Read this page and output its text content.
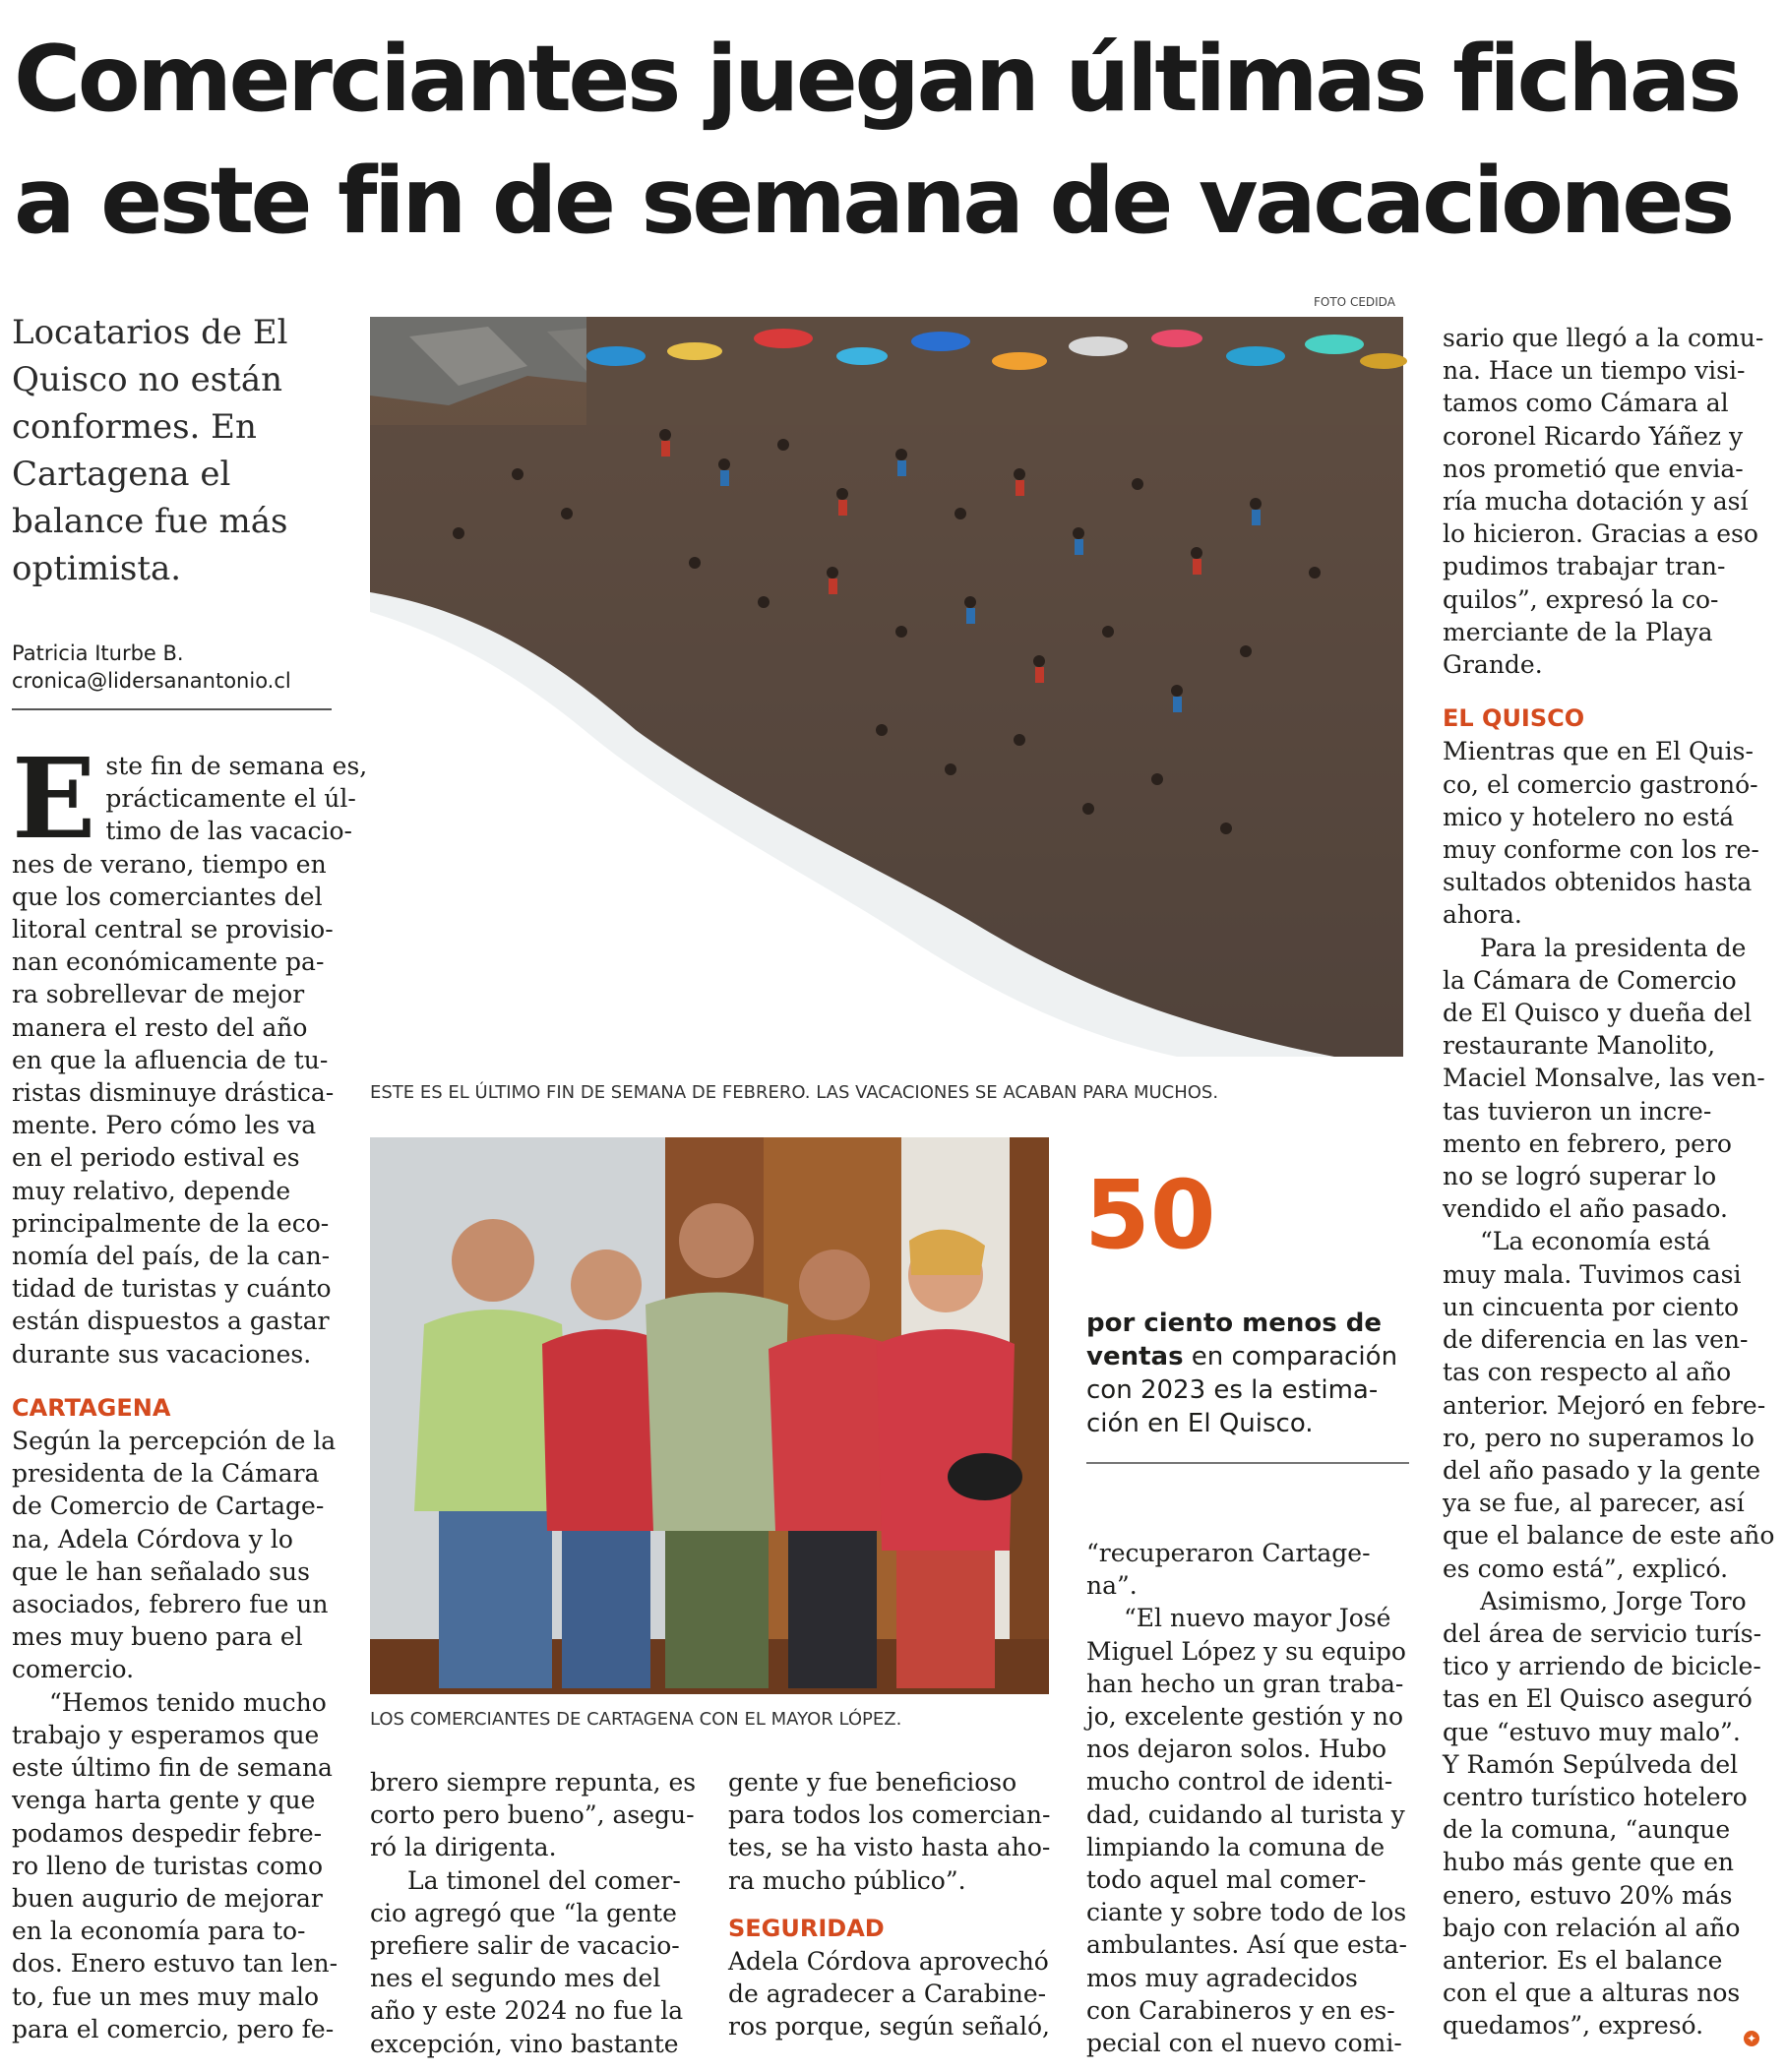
Comerciantes juegan últimas fichas
a este fin de semana de vacaciones
Locatarios de El
Quisco no están
conformes. En
Cartagena el
balance fue más
optimista.
Patricia Iturbe B.
cronica@lidersanantonio.cl
E ste fin de semana es,
prácticamente el úl-
timo de las vacacio-
nes de verano, tiempo en
que los comerciantes del
litoral central se provisio-
nan económicamente pa-
ra sobrellevar de mejor
manera el resto del año
en que la afluencia de tu-
ristas disminuye drástica-
mente. Pero cómo les va
en el periodo estival es
muy relativo, depende
principalmente de la eco-
nomía del país, de la can-
tidad de turistas y cuánto
están dispuestos a gastar
durante sus vacaciones.
CARTAGENA
Según la percepción de la
presidenta de la Cámara
de Comercio de Cartage-
na, Adela Córdova y lo
que le han señalado sus
asociados, febrero fue un
mes muy bueno para el
comercio.
“Hemos tenido mucho
trabajo y esperamos que
este último fin de semana
venga harta gente y que
podamos despedir febre-
ro lleno de turistas como
buen augurio de mejorar
en la economía para to-
dos. Enero estuvo tan len-
to, fue un mes muy malo
para el comercio, pero fe-
FOTO CEDIDA
ESTE ES EL ÚLTIMO FIN DE SEMANA DE FEBRERO. LAS VACACIONES SE ACABAN PARA MUCHOS.
LOS COMERCIANTES DE CARTAGENA CON EL MAYOR LÓPEZ.
50
por ciento menos de
ventas en comparación
con 2023 es la estima-
ción en El Quisco.
brero siempre repunta, es
corto pero bueno”, asegu-
ró la dirigenta.
La timonel del comer-
cio agregó que “la gente
prefiere salir de vacacio-
nes el segundo mes del
año y este 2024 no fue la
excepción, vino bastante
gente y fue beneficioso
para todos los comercian-
tes, se ha visto hasta aho-
ra mucho público”.
SEGURIDAD
Adela Córdova aprovechó
de agradecer a Carabine-
ros porque, según señaló,
“recuperaron Cartage-
na”.
“El nuevo mayor José
Miguel López y su equipo
han hecho un gran traba-
jo, excelente gestión y no
nos dejaron solos. Hubo
mucho control de identi-
dad, cuidando al turista y
limpiando la comuna de
todo aquel mal comer-
ciante y sobre todo de los
ambulantes. Así que esta-
mos muy agradecidos
con Carabineros y en es-
pecial con el nuevo comi-
sario que llegó a la comu-
na. Hace un tiempo visi-
tamos como Cámara al
coronel Ricardo Yáñez y
nos prometió que envia-
ría mucha dotación y así
lo hicieron. Gracias a eso
pudimos trabajar tran-
quilos”, expresó la co-
merciante de la Playa
Grande.
EL QUISCO
Mientras que en El Quis-
co, el comercio gastronó-
mico y hotelero no está
muy conforme con los re-
sultados obtenidos hasta
ahora.
Para la presidenta de
la Cámara de Comercio
de El Quisco y dueña del
restaurante Manolito,
Maciel Monsalve, las ven-
tas tuvieron un incre-
mento en febrero, pero
no se logró superar lo
vendido el año pasado.
“La economía está
muy mala. Tuvimos casi
un cincuenta por ciento
de diferencia en las ven-
tas con respecto al año
anterior. Mejoró en febre-
ro, pero no superamos lo
del año pasado y la gente
ya se fue, al parecer, así
que el balance de este año
es como está”, explicó.
Asimismo, Jorge Toro
del área de servicio turís-
tico y arriendo de bicicle-
tas en El Quisco aseguró
que “estuvo muy malo”.
Y Ramón Sepúlveda del
centro turístico hotelero
de la comuna, “aunque
hubo más gente que en
enero, estuvo 20% más
bajo con relación al año
anterior. Es el balance
con el que a alturas nos
quedamos”, expresó.	✦
